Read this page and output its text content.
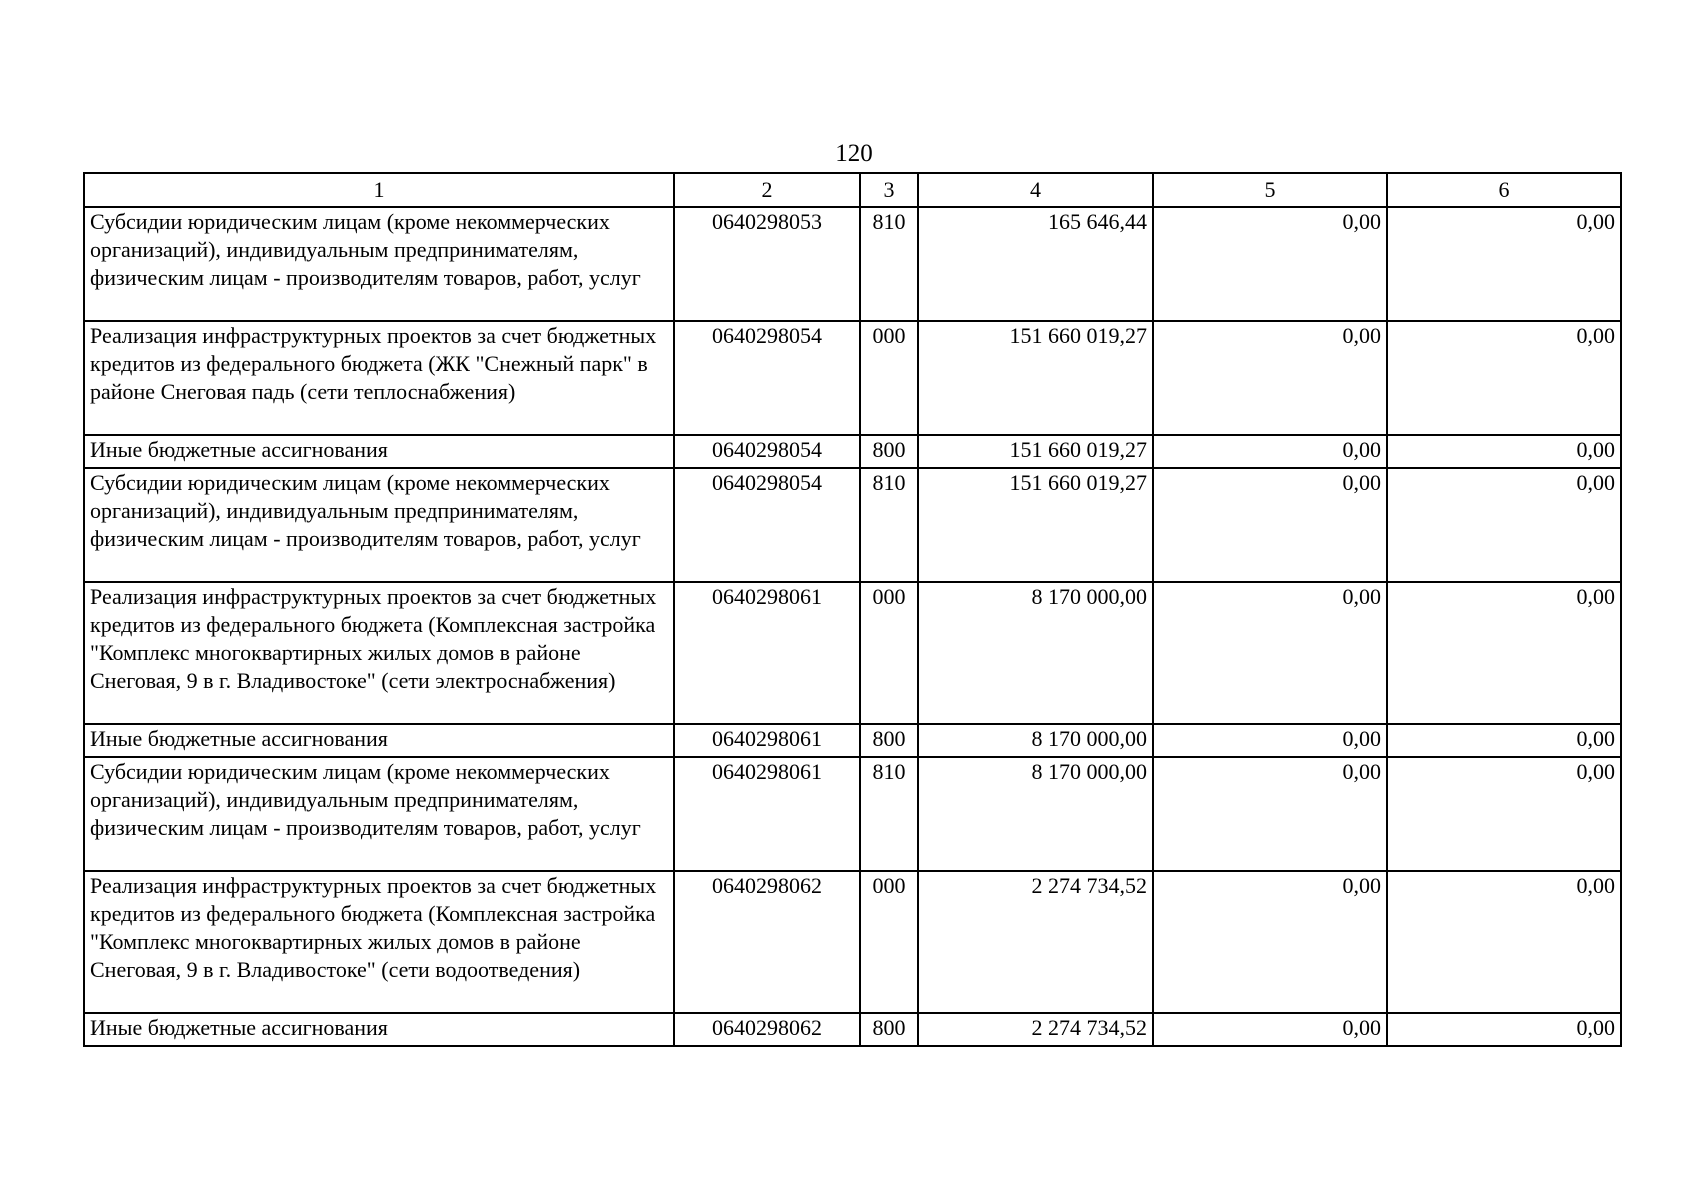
120
1	2	3	4	5	6
Субсидии юридическим лицам (кроме некоммерческих организаций), индивидуальным предпринимателям, физическим лицам - производителям товаров, работ, услуг	0640298053	810	165 646,44	0,00	0,00
Реализация инфраструктурных проектов за счет бюджетных кредитов из федерального бюджета (ЖК "Снежный парк" в районе Снеговая падь (сети теплоснабжения)	0640298054	000	151 660 019,27	0,00	0,00
Иные бюджетные ассигнования	0640298054	800	151 660 019,27	0,00	0,00
Субсидии юридическим лицам (кроме некоммерческих организаций), индивидуальным предпринимателям, физическим лицам - производителям товаров, работ, услуг	0640298054	810	151 660 019,27	0,00	0,00
Реализация инфраструктурных проектов за счет бюджетных кредитов из федерального бюджета (Комплексная застройка "Комплекс многоквартирных жилых домов в районе Снеговая, 9 в г. Владивостоке" (сети электроснабжения)	0640298061	000	8 170 000,00	0,00	0,00
Иные бюджетные ассигнования	0640298061	800	8 170 000,00	0,00	0,00
Субсидии юридическим лицам (кроме некоммерческих организаций), индивидуальным предпринимателям, физическим лицам - производителям товаров, работ, услуг	0640298061	810	8 170 000,00	0,00	0,00
Реализация инфраструктурных проектов за счет бюджетных кредитов из федерального бюджета (Комплексная застройка "Комплекс многоквартирных жилых домов в районе Снеговая, 9 в г. Владивостоке" (сети водоотведения)	0640298062	000	2 274 734,52	0,00	0,00
Иные бюджетные ассигнования	0640298062	800	2 274 734,52	0,00	0,00
